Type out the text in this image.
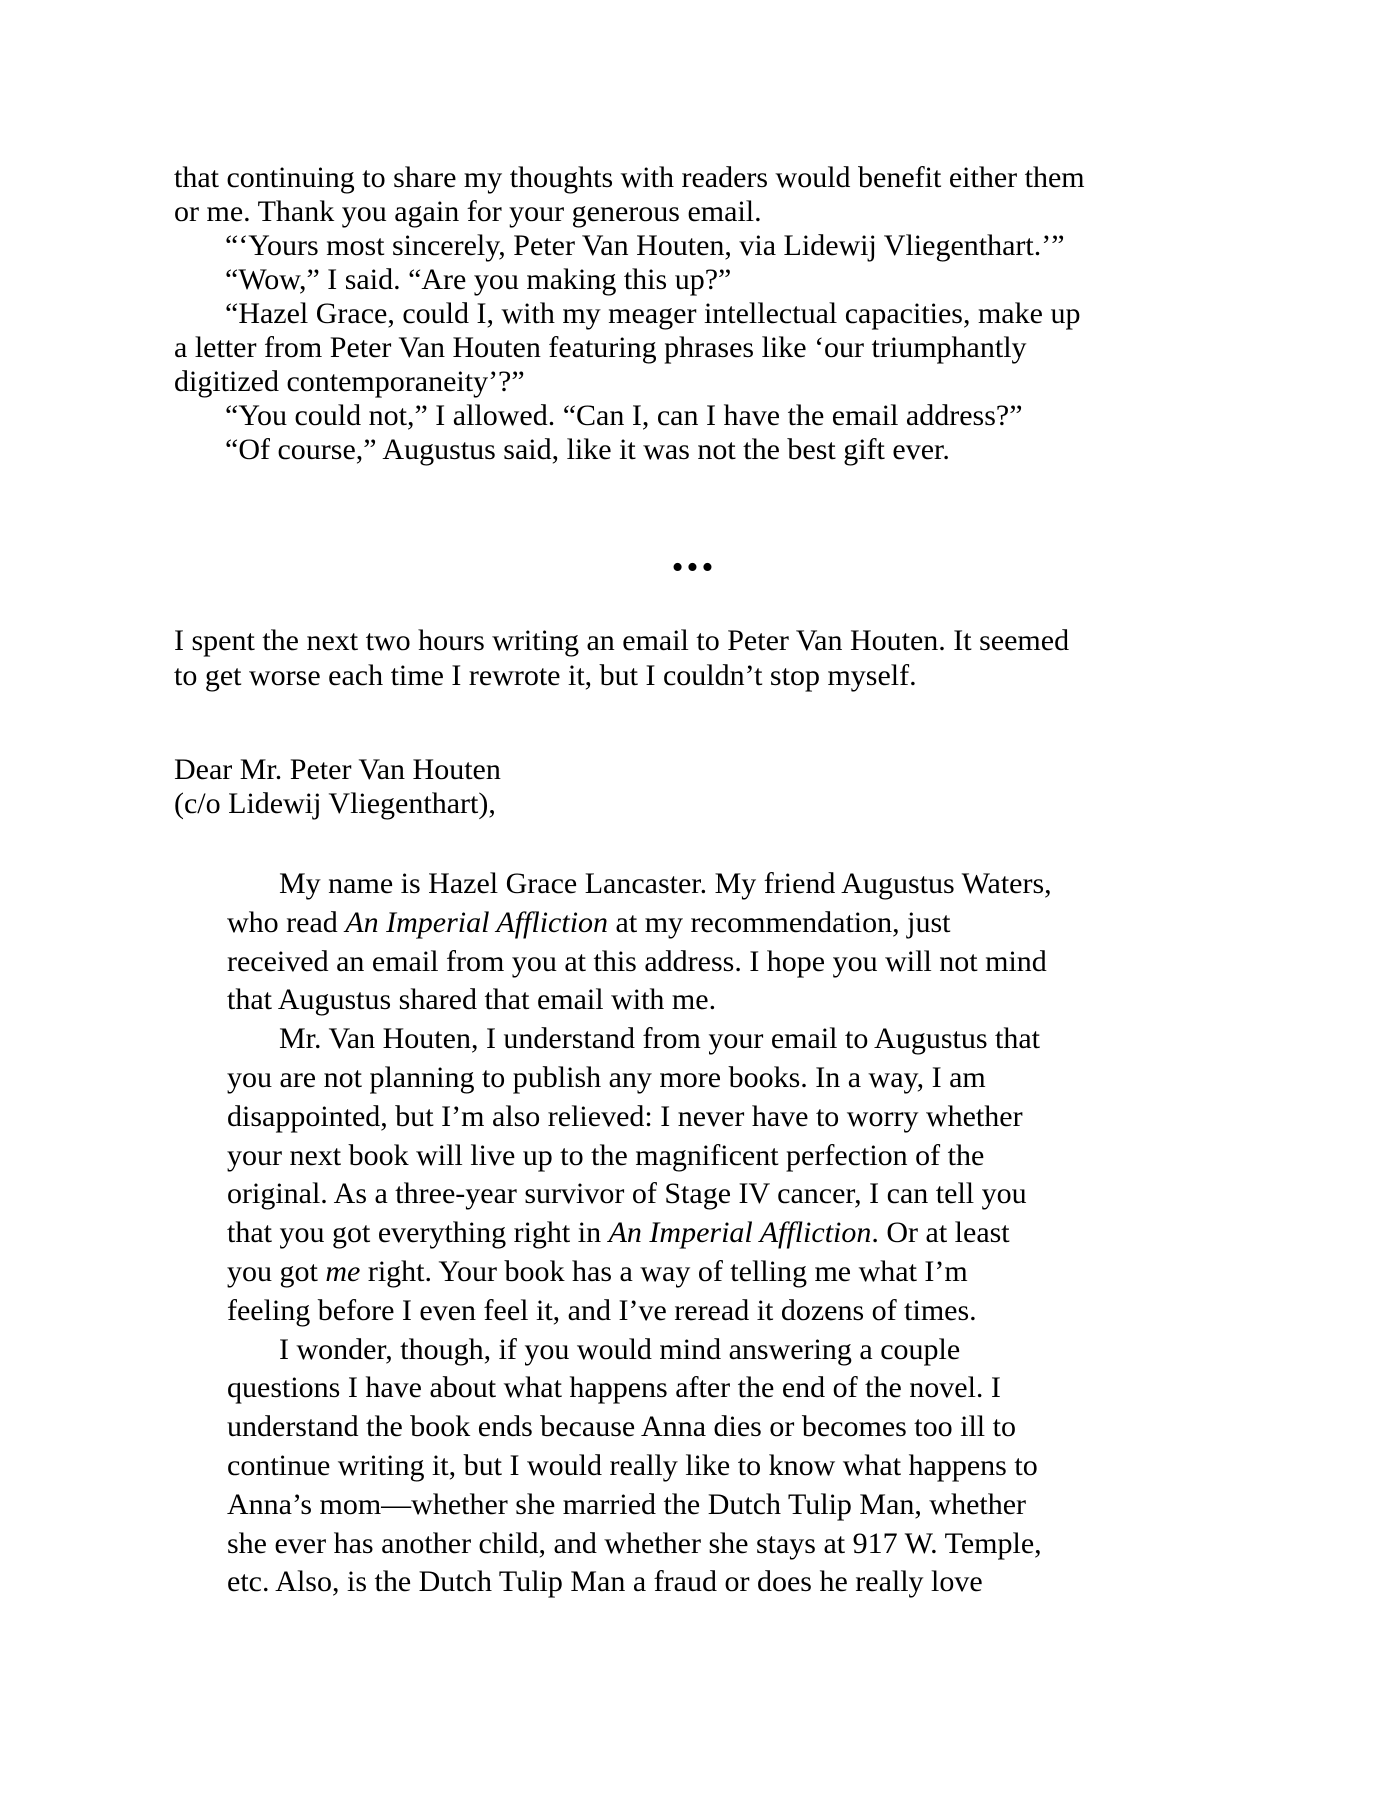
that continuing to share my thoughts with readers would benefit either them
or me. Thank you again for your generous email.
“‘Yours most sincerely, Peter Van Houten, via Lidewij Vliegenthart.’”
“Wow,” I said. “Are you making this up?”
“Hazel Grace, could I, with my meager intellectual capacities, make up
a letter from Peter Van Houten featuring phrases like ‘our triumphantly
digitized contemporaneity’?”
“You could not,” I allowed. “Can I, can I have the email address?”
“Of course,” Augustus said, like it was not the best gift ever.
•••
I spent the next two hours writing an email to Peter Van Houten. It seemed
to get worse each time I rewrote it, but I couldn’t stop myself.
Dear Mr. Peter Van Houten
(c/o Lidewij Vliegenthart),
My name is Hazel Grace Lancaster. My friend Augustus Waters,
who read An Imperial Affliction at my recommendation, just
received an email from you at this address. I hope you will not mind
that Augustus shared that email with me.
Mr. Van Houten, I understand from your email to Augustus that
you are not planning to publish any more books. In a way, I am
disappointed, but I’m also relieved: I never have to worry whether
your next book will live up to the magnificent perfection of the
original. As a three-year survivor of Stage IV cancer, I can tell you
that you got everything right in An Imperial Affliction. Or at least
you got me right. Your book has a way of telling me what I’m
feeling before I even feel it, and I’ve reread it dozens of times.
I wonder, though, if you would mind answering a couple
questions I have about what happens after the end of the novel. I
understand the book ends because Anna dies or becomes too ill to
continue writing it, but I would really like to know what happens to
Anna’s mom—whether she married the Dutch Tulip Man, whether
she ever has another child, and whether she stays at 917 W. Temple,
etc. Also, is the Dutch Tulip Man a fraud or does he really love
